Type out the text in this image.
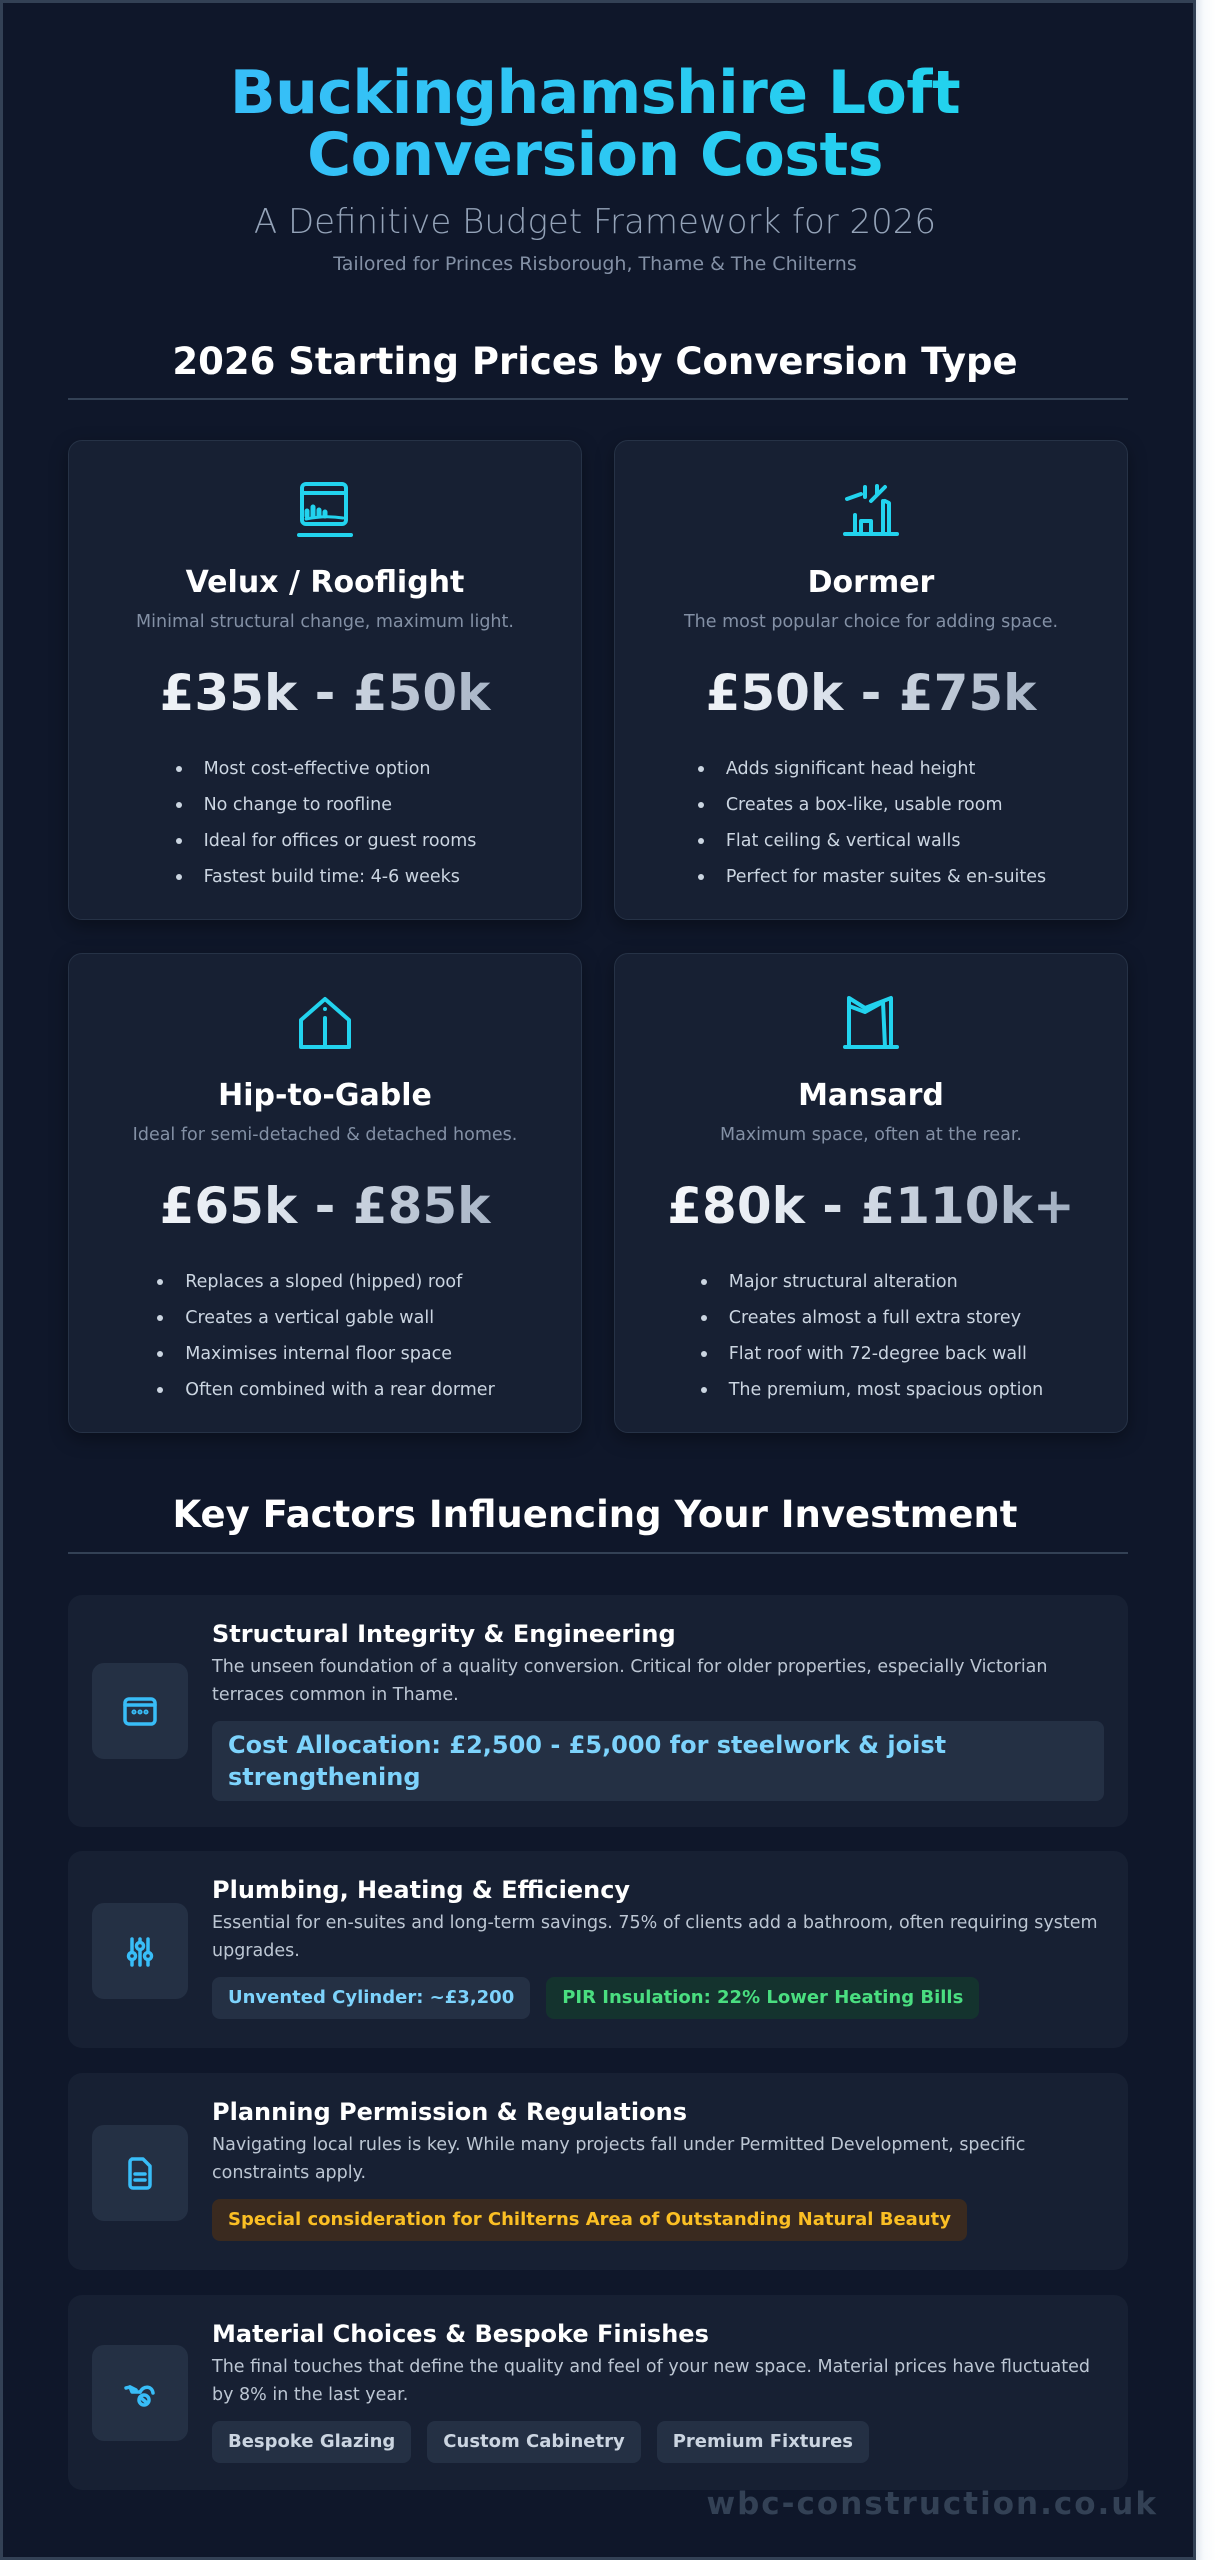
Buckinghamshire Loft
Conversion Costs
A Definitive Budget Framework for 2026
Tailored for Princes Risborough, Thame & The Chilterns
2026 Starting Prices by Conversion Type
Velux / Rooflight
Minimal structural change, maximum light.
£35k - £50k
Most cost-effective option
No change to roofline
Ideal for offices or guest rooms
Fastest build time: 4-6 weeks
Dormer
The most popular choice for adding space.
£50k - £75k
Adds significant head height
Creates a box-like, usable room
Flat ceiling & vertical walls
Perfect for master suites & en-suites
Hip-to-Gable
Ideal for semi-detached & detached homes.
£65k - £85k
Replaces a sloped (hipped) roof
Creates a vertical gable wall
Maximises internal floor space
Often combined with a rear dormer
Mansard
Maximum space, often at the rear.
£80k - £110k+
Major structural alteration
Creates almost a full extra storey
Flat roof with 72-degree back wall
The premium, most spacious option
Key Factors Influencing Your Investment
Structural Integrity & Engineering
The unseen foundation of a quality conversion. Critical for older properties, especially Victorian terraces common in Thame.
Cost Allocation: £2,500 - £5,000 for steelwork & joist strengthening
Plumbing, Heating & Efficiency
Essential for en-suites and long-term savings. 75% of clients add a bathroom, often requiring system upgrades.
Unvented Cylinder: ~£3,200	PIR Insulation: 22% Lower Heating Bills
Planning Permission & Regulations
Navigating local rules is key. While many projects fall under Permitted Development, specific constraints apply.
Special consideration for Chilterns Area of Outstanding Natural Beauty
Material Choices & Bespoke Finishes
The final touches that define the quality and feel of your new space. Material prices have fluctuated by 8% in the last year.
Bespoke Glazing	Custom Cabinetry	Premium Fixtures
wbc-construction.co.uk
